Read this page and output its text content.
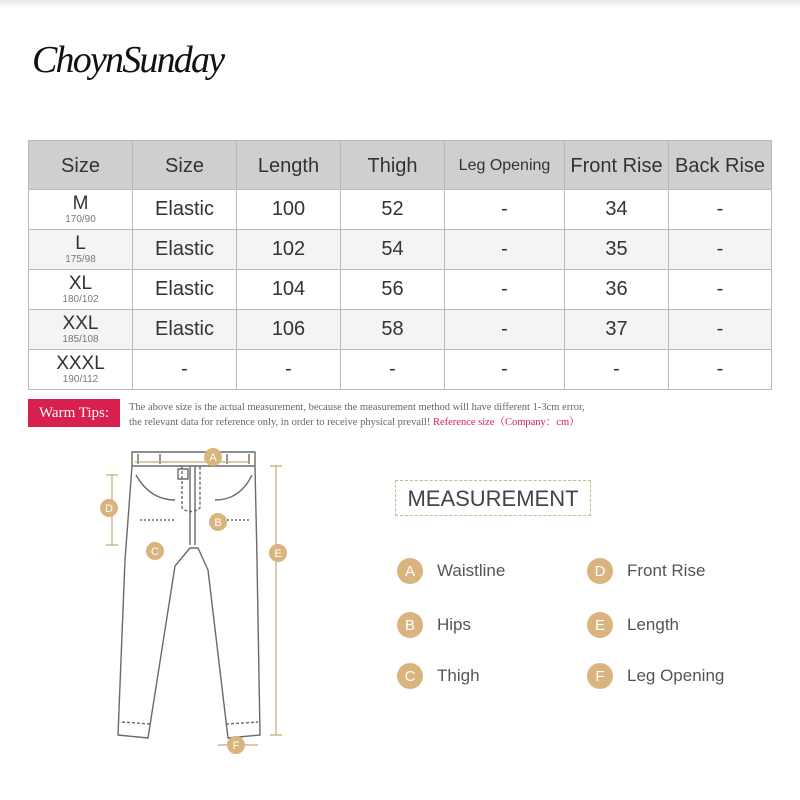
ChoynSunday
Size	Size	Length	Thigh	Leg Opening	Front Rise	Back Rise

M
170/90	Elastic	100	52	-	34	-

L
175/98	Elastic	102	54	-	35	-

XL
180/102	Elastic	104	56	-	36	-

XXL
185/108	Elastic	106	58	-	37	-

XXXL
190/112	-	-	-	-	-	-
Warm Tips:	The above size is the actual measurement, because the measurement method will have different 1-3cm error,
the relevant data for reference only, in order to receive physical prevail! Reference size（Company：cm）
A
B
C
D
E
F
MEASUREMENT
A	Waistline
B	Hips
C	Thigh
D	Front Rise
E	Length
F	Leg Opening
